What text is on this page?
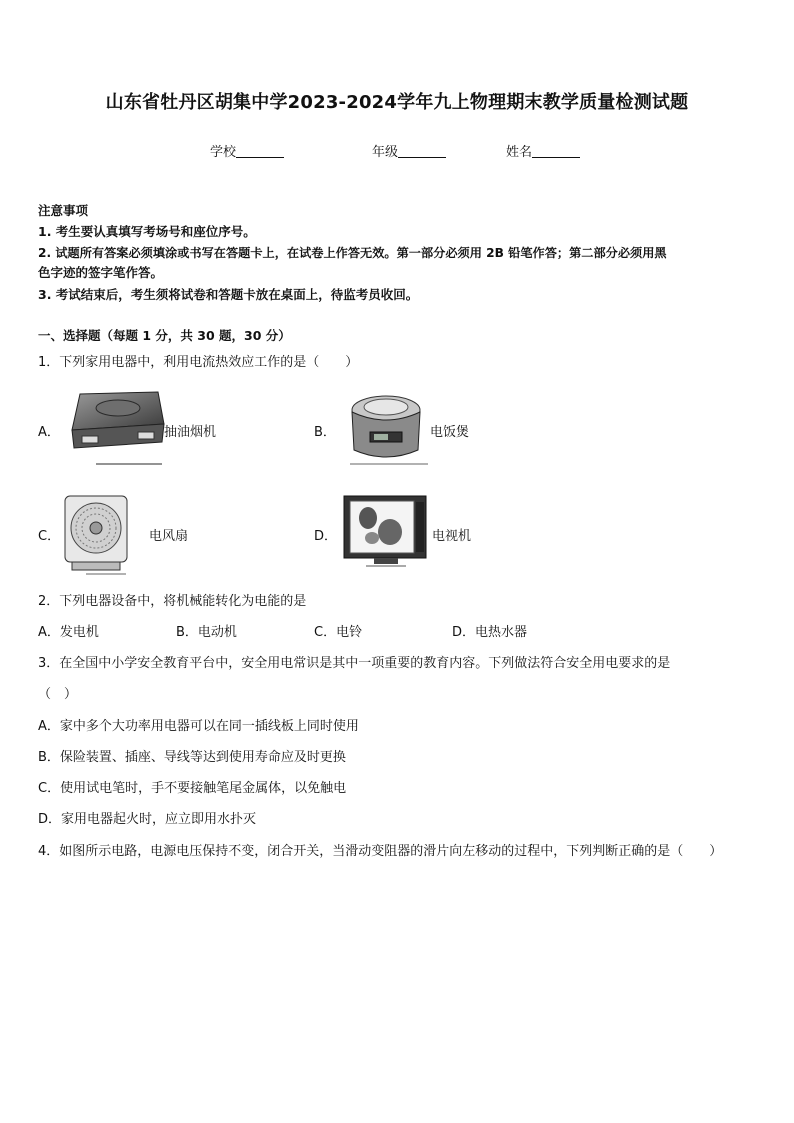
山东省牡丹区胡集中学2023-2024学年九上物理期末教学质量检测试题
学校	年级	姓名
注意事项
1. 考生要认真填写考场号和座位序号。
2. 试题所有答案必须填涂或书写在答题卡上，在试卷上作答无效。第一部分必须用 2B 铅笔作答；第二部分必须用黑
色字迹的签字笔作答。
3. 考试结束后，考生须将试卷和答题卡放在桌面上，待监考员收回。
一、选择题（每题 1 分，共 30 题，30 分）
1．下列家用电器中，利用电流热效应工作的是（　　）
A．	抽油烟机	B．	电饭煲
C．	电风扇	D．	电视机
2．下列电器设备中，将机械能转化为电能的是
A．发电机	B．电动机	C．电铃	D．电热水器
3．在全国中小学安全教育平台中，安全用电常识是其中一项重要的教育内容。下列做法符合安全用电要求的是
（　）
A．家中多个大功率用电器可以在同一插线板上同时使用
B．保险装置、插座、导线等达到使用寿命应及时更换
C．使用试电笔时，手不要接触笔尾金属体，以免触电
D．家用电器起火时，应立即用水扑灭
4．如图所示电路，电源电压保持不变，闭合开关，当滑动变阻器的滑片向左移动的过程中，下列判断正确的是（　　）
